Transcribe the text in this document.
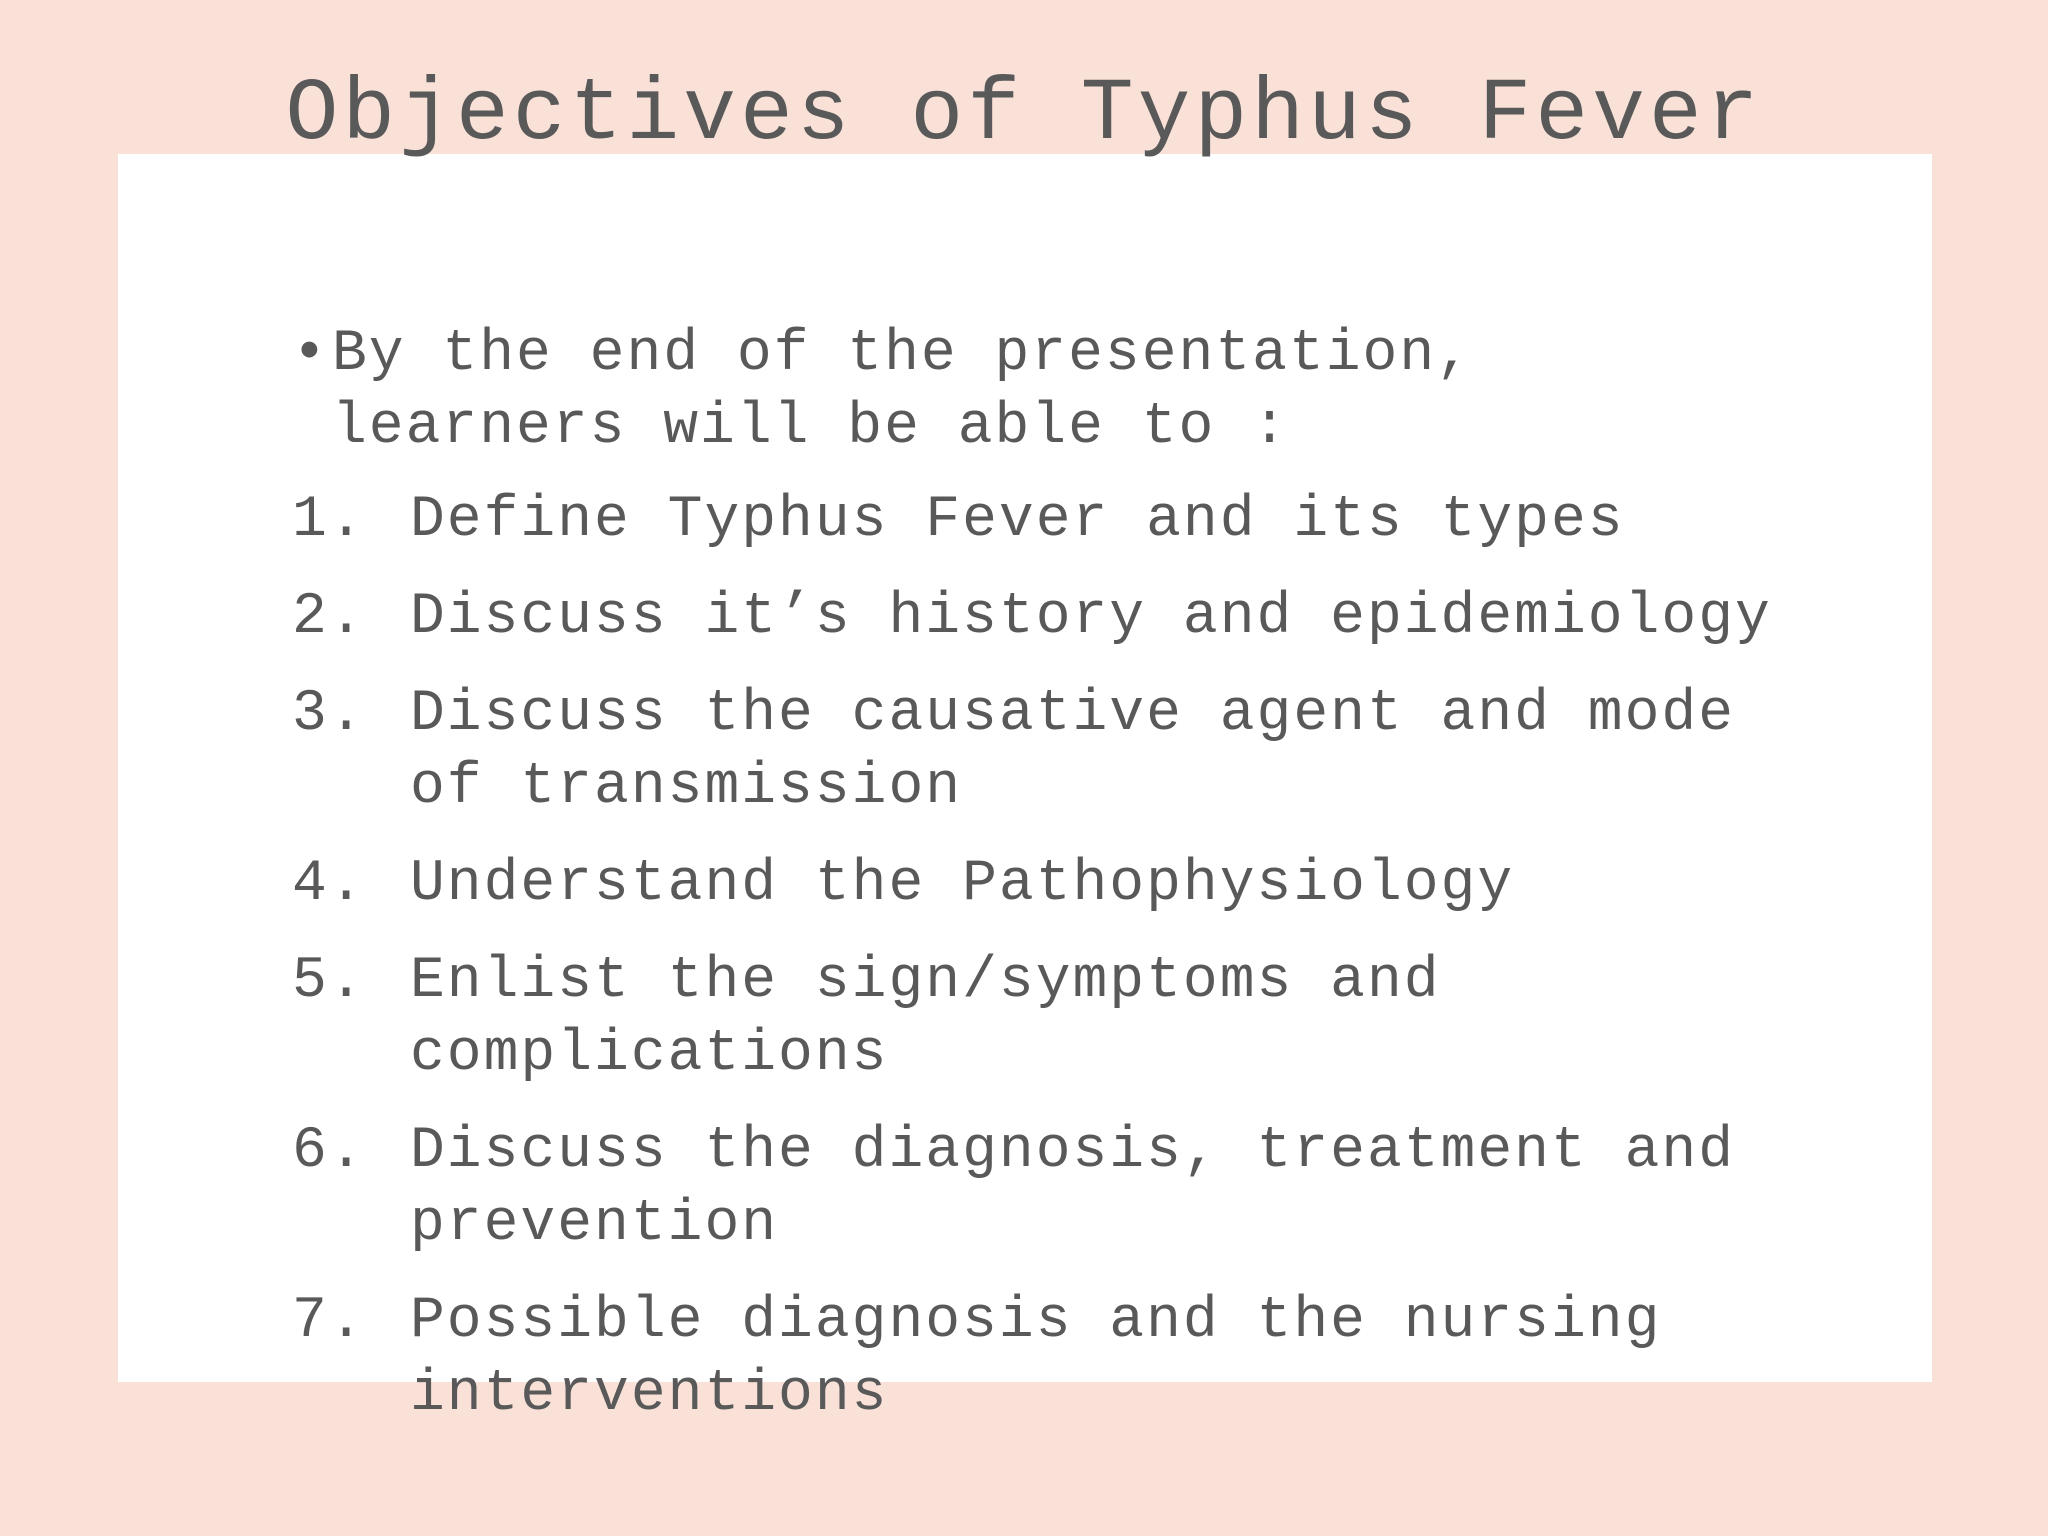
Objectives of Typhus Fever

• By the end of the presentation, learners will be able to :

1. Define Typhus Fever and its types
2. Discuss it’s history and epidemiology
3. Discuss the causative agent and mode of transmission
4. Understand the Pathophysiology
5. Enlist the sign/symptoms and complications
6. Discuss the diagnosis, treatment and prevention
7. Possible diagnosis and the nursing interventions
